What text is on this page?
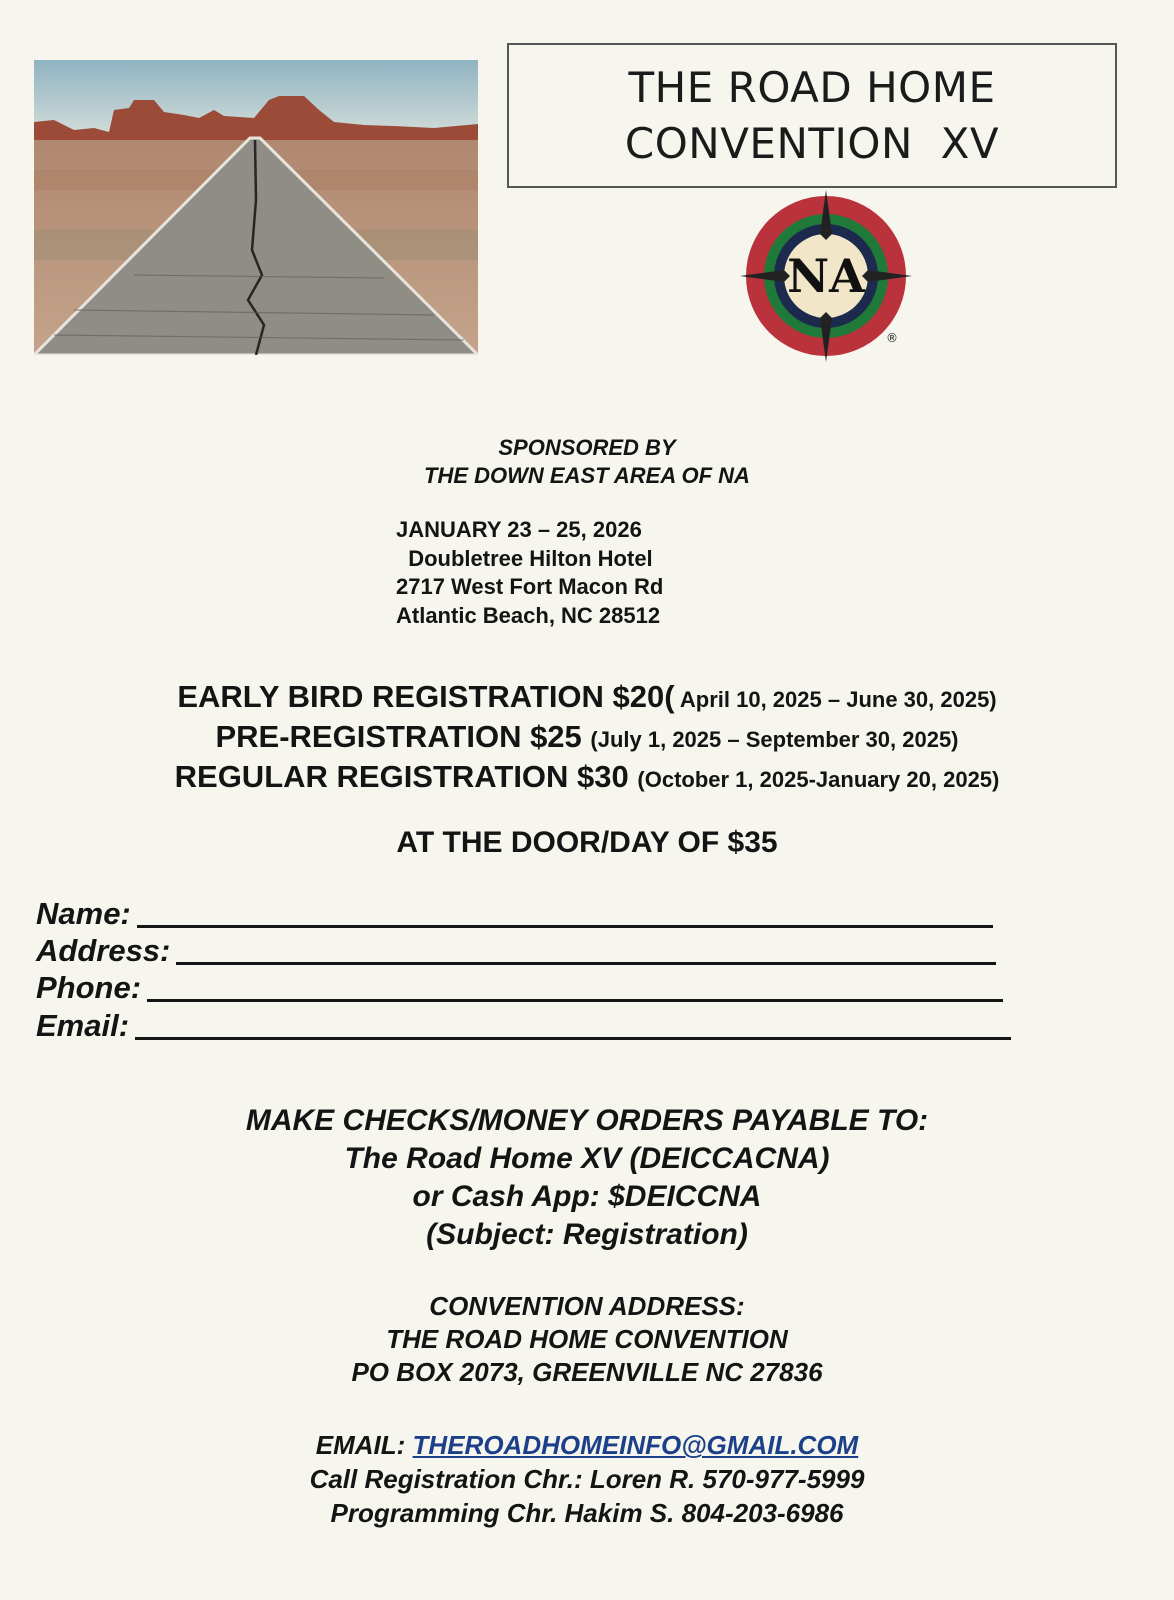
THE ROAD HOME
CONVENTION  XV
NA
®
SPONSORED BY
THE DOWN EAST AREA OF NA
JANUARY 23 – 25, 2026
Doubletree Hilton Hotel
2717 West Fort Macon Rd
Atlantic Beach, NC 28512
EARLY BIRD REGISTRATION $20( April 10, 2025 – June 30, 2025)
PRE-REGISTRATION $25 (July 1, 2025 – September 30, 2025)
REGULAR REGISTRATION $30 (October 1, 2025-January 20, 2025)
AT THE DOOR/DAY OF $35
Name:
Address:
Phone:
Email:
MAKE CHECKS/MONEY ORDERS PAYABLE TO:
The Road Home XV (DEICCACNA)
or Cash App: $DEICCNA
(Subject: Registration)
CONVENTION ADDRESS:
THE ROAD HOME CONVENTION
PO BOX 2073, GREENVILLE NC 27836
EMAIL: THEROADHOMEINFO@GMAIL.COM
Call Registration Chr.: Loren R. 570-977-5999
Programming Chr. Hakim S. 804-203-6986
